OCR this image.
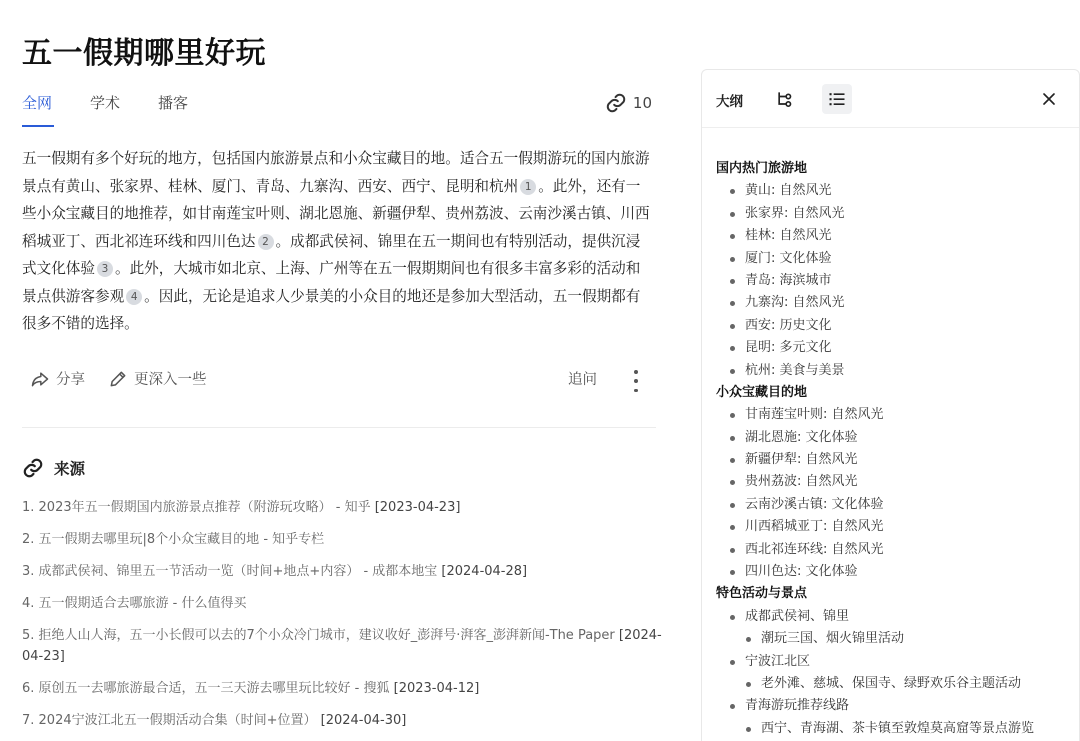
五一假期哪里好玩
全网	学术	播客	10
五一假期有多个好玩的地方，包括国内旅游景点和小众宝藏目的地。适合五一假期游玩的国内旅游景点有黄山、张家界、桂林、厦门、青岛、九寨沟、西安、西宁、昆明和杭州 1 。此外，还有一些小众宝藏目的地推荐，如甘南莲宝叶则、湖北恩施、新疆伊犁、贵州荔波、云南沙溪古镇、川西稻城亚丁、西北祁连环线和四川色达 2 。成都武侯祠、锦里在五一期间也有特别活动，提供沉浸式文化体验 3 。此外，大城市如北京、上海、广州等在五一假期期间也有很多丰富多彩的活动和景点供游客参观 4 。因此，无论是追求人少景美的小众目的地还是参加大型活动，五一假期都有很多不错的选择。
分享	更深入一些	追问
来源
1. 2023年五一假期国内旅游景点推荐（附游玩攻略） - 知乎 [2023-04-23]
2. 五一假期去哪里玩|8个小众宝藏目的地 - 知乎专栏
3. 成都武侯祠、锦里五一节活动一览（时间+地点+内容） - 成都本地宝 [2024-04-28]
4. 五一假期适合去哪旅游 - 什么值得买
5. 拒绝人山人海，五一小长假可以去的7个小众冷门城市，建议收好_澎湃号·湃客_澎湃新闻-The Paper [2024-04-23]
6. 原创五一去哪旅游最合适，五一三天游去哪里玩比较好 - 搜狐 [2023-04-12]
7. 2024宁波江北五一假期活动合集（时间+位置） [2024-04-30]
大纲
国内热门旅游地
黄山: 自然风光
张家界: 自然风光
桂林: 自然风光
厦门: 文化体验
青岛: 海滨城市
九寨沟: 自然风光
西安: 历史文化
昆明: 多元文化
杭州: 美食与美景
小众宝藏目的地
甘南莲宝叶则: 自然风光
湖北恩施: 文化体验
新疆伊犁: 自然风光
贵州荔波: 自然风光
云南沙溪古镇: 文化体验
川西稻城亚丁: 自然风光
西北祁连环线: 自然风光
四川色达: 文化体验
特色活动与景点
成都武侯祠、锦里
潮玩三国、烟火锦里活动
宁波江北区
老外滩、慈城、保国寺、绿野欢乐谷主题活动
青海游玩推荐线路
西宁、青海湖、茶卡镇至敦煌莫高窟等景点游览
